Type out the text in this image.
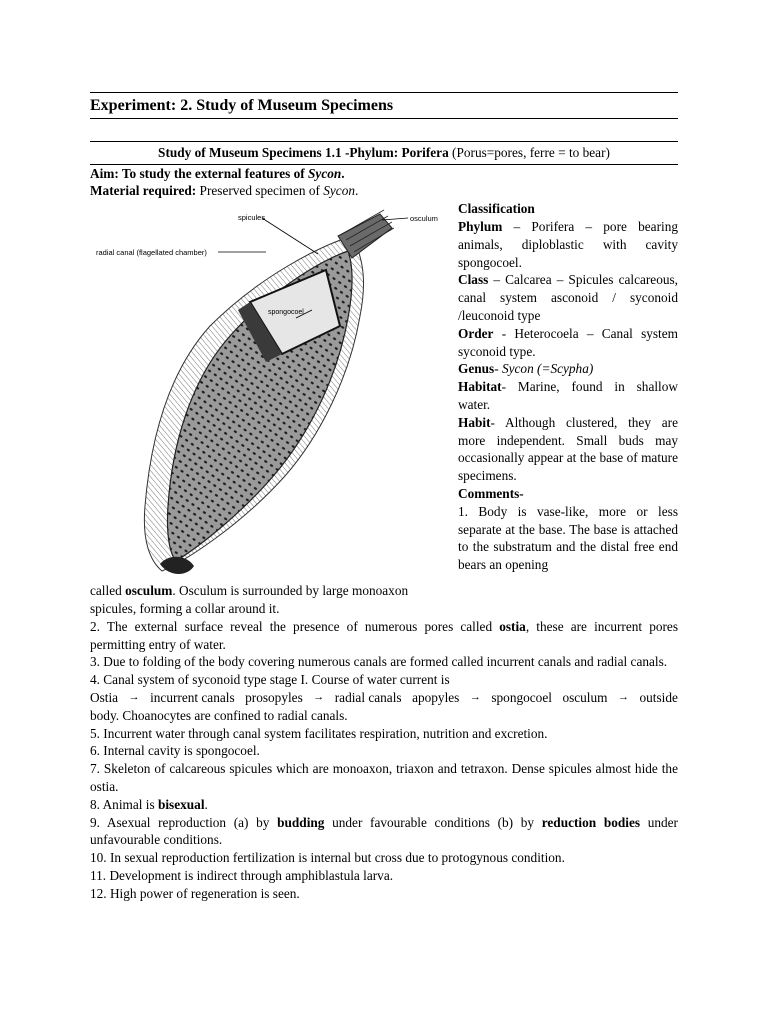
Experiment: 2. Study of Museum Specimens
Study of Museum Specimens 1.1 -Phylum: Porifera (Porus=pores, ferre = to bear)
Aim: To study the external features of Sycon.
Material required: Preserved specimen of Sycon.
spicules	osculum
radial canal (flagellated chamber)
spongocoel
Classification
Phylum – Porifera – pore bearing animals, diploblastic with cavity spongocoel.
Class – Calcarea – Spicules calcareous, canal system asconoid / syconoid /leuconoid type
Order - Heterocoela – Canal system syconoid type.
Genus- Sycon (=Scypha)
Habitat- Marine, found in shallow water.
Habit- Although clustered, they are more independent. Small buds may occasionally appear at the base of mature specimens.
Comments-
1. Body is vase-like, more or less separate at the base. The base is attached to the substratum and the distal free end bears an opening

called osculum. Osculum is surrounded by large monoaxon

spicules, forming a collar around it.

2. The external surface reveal the presence of numerous pores called ostia, these are incurrent pores permitting entry of water.

3. Due to folding of the body covering numerous canals are formed called incurrent canals and radial canals.

4. Canal system of syconoid type stage I. Course of water current is

Ostia → incurrent canals prosopyles → radial canals apopyles → spongocoel osculum → outside

body. Choanocytes are confined to radial canals.

5. Incurrent water through canal system facilitates respiration, nutrition and excretion.

6. Internal cavity is spongocoel.

7. Skeleton of calcareous spicules which are monoaxon, triaxon and tetraxon. Dense spicules almost hide the ostia.

8. Animal is bisexual.

9. Asexual reproduction (a) by budding under favourable conditions (b) by reduction bodies under unfavourable conditions.

10. In sexual reproduction fertilization is internal but cross due to protogynous condition.

11. Development is indirect through amphiblastula larva.

12. High power of regeneration is seen.
